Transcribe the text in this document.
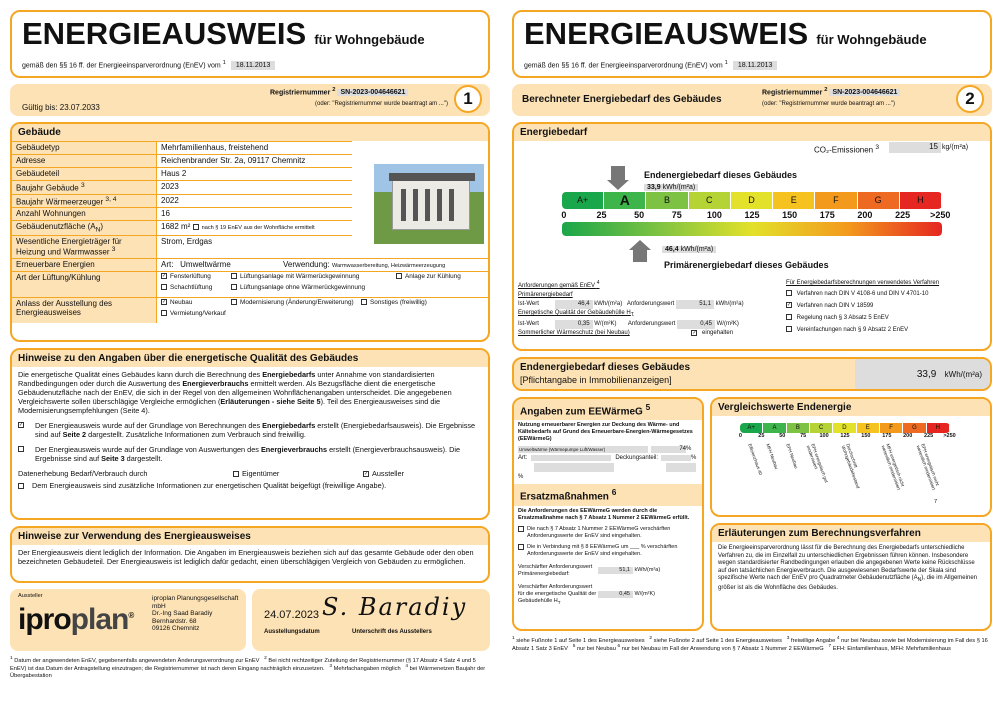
ENERGIEAUSWEIS für Wohngebäude
gemäß den §§ 16 ff. der Energieeinsparverordnung (EnEV) vom $^1$ 18.11.2013
Registriernummer $^2$ SN-2023-004646621
(oder: "Registriernummer wurde beantragt am ...")
Gültig bis: 23.07.2033	1
Gebäude
Gebäudetyp	Mehrfamilienhaus, freistehend
Adresse	Reichenbrander Str. 2a, 09117 Chemnitz
Gebäudeteil	Haus 2
Baujahr Gebäude $^3$	2023
Baujahr Wärmeerzeuger $^{3, 4}$	2022
Anzahl Wohnungen	16
Gebäudenutzfläche $(A_N)$	1682 m² nach § 19 EnEV aus der Wohnfläche ermittelt
Wesentliche Energieträger für Heizung und Warmwasser $^3$
Strom, Erdgas
Erneuerbare Energien	Art: Umweltwärme	Verwendung: Warmwasserbereitung, Heizwärmeerzeugung
Art der Lüftung/Kühlung	✓ Fensterlüftung	Lüftungsanlage mit Wärmerückgewinnung	Anlage zur Kühlung
Schachtlüftung	Lüftungsanlage ohne Wärmerückgewinnung
Anlass der Ausstellung des Energieausweises
✓ Neubau	Modernisierung (Änderung/Erweiterung)	Sonstiges (freiwillig)
Vermietung/Verkauf
Hinweise zu den Angaben über die energetische Qualität des Gebäudes
Die energetische Qualität eines Gebäudes kann durch die Berechnung des Energiebedarfs unter Annahme von standardisierten Randbedingungen oder durch die Auswertung des Energieverbrauchs ermittelt werden. Als Bezugsfläche dient die energetische Gebäudenutzfläche nach der EnEV, die sich in der Regel von den allgemeinen Wohnflächenangaben unterscheidet. Die angegebenen Vergleichswerte sollen überschlägige Vergleiche ermöglichen (Erläuterungen - siehe Seite 5). Teil des Energieausweises sind die Modernisierungsempfehlungen (Seite 4).
✓	Der Energieausweis wurde auf der Grundlage von Berechnungen des Energiebedarfs erstellt (Energiebedarfsausweis). Die Ergebnisse sind auf Seite 2 dargestellt. Zusätzliche Informationen zum Verbrauch sind freiwillig.
Der Energieausweis wurde auf der Grundlage von Auswertungen des Energieverbrauchs erstellt (Energieverbrauchsausweis). Die Ergebnisse sind auf Seite 3 dargestellt.
Datenerhebung Bedarf/Verbrauch durch	Eigentümer	✓ Aussteller
Dem Energieausweis sind zusätzliche Informationen zur energetischen Qualität beigefügt (freiwillige Angabe).
Hinweise zur Verwendung des Energieausweises
Der Energieausweis dient lediglich der Information. Die Angaben im Energieausweis beziehen sich auf das gesamte Gebäude oder den oben bezeichneten Gebäudeteil. Der Energieausweis ist lediglich dafür gedacht, einen überschlägigen Vergleich von Gebäuden zu ermöglichen.
Aussteller
iproplan®
iproplan Planungsgesellschaft mbH
Dr.-Ing Saad Baradiy
Bernhardstr. 68
09126 Chemnitz
24.07.2023 S. Baradiy
Ausstellungsdatum	Unterschrift des Ausstellers
$^1$ Datum der angewendeten EnEV, gegebenenfalls angewendeten Änderungsverordnung zur EnEV $^2$ Bei nicht rechtzeitiger Zuteilung der Registriernummer (§ 17 Absatz 4 Satz 4 und 5 EnEV) ist das Datum der Antragstellung einzutragen; die Registriernummer ist nach deren Eingang nachträglich einzusetzen. $^3$ Mehrfachangaben möglich $^4$ bei Wärmenetzen Baujahr der Übergabestation
ENERGIEAUSWEIS für Wohngebäude
gemäß den §§ 16 ff. der Energieeinsparverordnung (EnEV) vom $^1$ 18.11.2013
Berechneter Energiebedarf des Gebäudes
Registriernummer $^2$ SN-2023-004646621
(oder: "Registriernummer wurde beantragt am ...")	2
Energiebedarf
CO₂-Emissionen $^3$	15 kg/(m²a)
Endenergiebedarf dieses Gebäudes
33,9 kWh/(m²a)
A+	A	B	C	D	E	F	G	H
0	25	50	75	100	125	150	175	200	225	>250
46,4 kWh/(m²a)
Primärenergiebedarf dieses Gebäudes
Anforderungen gemäß EnEV $^4$
Primärenergiebedarf
Ist-Wert	46,4 kWh/(m²a) Anforderungswert	51,1 kWh/(m²a)
Energetische Qualität der Gebäudehülle $H_T$
Ist-Wert	0,35 W/(m²K) Anforderungswert	0,45 W/(m²K)
Sommerlicher Wärmeschutz (bei Neubau)	✓ eingehalten
Für Energiebedarfsberechnungen verwendetes Verfahren
Verfahren nach DIN V 4108-6 und DIN V 4701-10
✓ Verfahren nach DIN V 18599
Regelung nach § 3 Absatz 5 EnEV
Vereinfachungen nach § 9 Absatz 2 EnEV
Endenergiebedarf dieses Gebäudes
[Pflichtangabe in Immobilienanzeigen]	33,9 kWh/(m²a)
Angaben zum EEWärmeG $^5$
Nutzung erneuerbarer Energien zur Deckung des Wärme- und Kältebedarfs auf Grund des Erneuerbare-Energien-Wärmegesetzes (EEWärmeG)
Umweltwärme (Wärmepumpe Luft/Wasser)	74 %
Art:	Deckungsanteil:	%
%
Ersatzmaßnahmen $^6$
Die Anforderungen des EEWärmeG werden durch die Ersatzmaßnahme nach § 7 Absatz 1 Nummer 2 EEWärmeG erfüllt.
Die nach § 7 Absatz 1 Nummer 2 EEWärmeG verschärften Anforderungswerte der EnEV sind eingehalten.
Die in Verbindung mit § 8 EEWärmeG um ___ % verschärften Anforderungswerte der EnEV sind eingehalten.
Verschärfter Anforderungswert Primärenergiebedarf:
51,1
kWh/(m²a)
Verschärfter Anforderungswert für die energetische Qualität der Gebäudehülle $H_T$
0,45
W/(m²K)
Vergleichswerte Endenergie
A+	A	B	C	D	E	F	G	H
0	25	50	75	100	125	150	175	200	225	>250
Effizienzhaus 40 MFH Neubau	EFH Neubau	EFH energetisch gut modernisiert	Durchschnitt Wohngebäudebestand	MFH energetisch nicht wesentlich modernisiert	EFH energetisch nicht wesentlich modernisiert
7
Erläuterungen zum Berechnungsverfahren
Die Energieeinsparverordnung lässt für die Berechnung des Energiebedarfs unterschiedliche Verfahren zu, die im Einzelfall zu unterschiedlichen Ergebnissen führen können. Insbesondere wegen standardisierter Randbedingungen erlauben die angegebenen Werte keine Rückschlüsse auf den tatsächlichen Energieverbrauch. Die ausgewiesenen Bedarfswerte der Skala sind spezifische Werte nach der EnEV pro Quadratmeter Gebäudenutzfläche $(A_N)$, die im Allgemeinen größer ist als die Wohnfläche des Gebäudes.
$^1$ siehe Fußnote 1 auf Seite 1 des Energieausweises $^2$ siehe Fußnote 2 auf Seite 1 des Energieausweises $^3$ freiwillige Angabe $^4$ nur bei Neubau sowie bei Modernisierung im Fall des § 16 Absatz 1 Satz 3 EnEV $^5$ nur bei Neubau $^6$ nur bei Neubau im Fall der Anwendung von § 7 Absatz 1 Nummer 2 EEWärmeG $^7$ EFH: Einfamilienhaus, MFH: Mehrfamilienhaus
